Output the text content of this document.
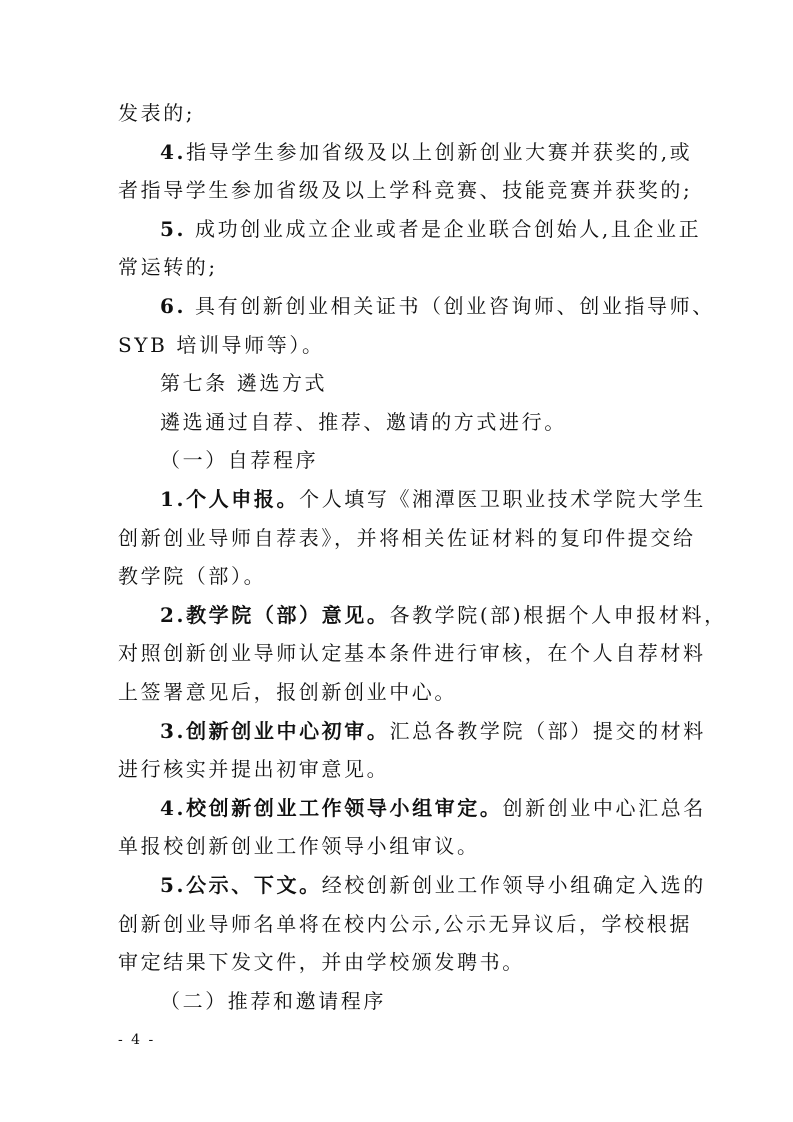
发表的;
4.指导学生参加省级及以上创新创业大赛并获奖的,或
者指导学生参加省级及以上学科竞赛、技能竞赛并获奖的;
5. 成功创业成立企业或者是企业联合创始人,且企业正
常运转的;
6. 具有创新创业相关证书（创业咨询师、创业指导师、
SYB 培训导师等）。
第七条 遴选方式
遴选通过自荐、推荐、邀请的方式进行。
（一）自荐程序
1.个人申报。个人填写《湘潭医卫职业技术学院大学生
创新创业导师自荐表》，并将相关佐证材料的复印件提交给
教学院（部）。
2.教学院（部）意见。各教学院(部)根据个人申报材料，
对照创新创业导师认定基本条件进行审核，在个人自荐材料
上签署意见后，报创新创业中心。
3.创新创业中心初审。汇总各教学院（部）提交的材料
进行核实并提出初审意见。
4.校创新创业工作领导小组审定。创新创业中心汇总名
单报校创新创业工作领导小组审议。
5.公示、下文。经校创新创业工作领导小组确定入选的
创新创业导师名单将在校内公示,公示无异议后，学校根据
审定结果下发文件，并由学校颁发聘书。
（二）推荐和邀请程序
- 4 -
